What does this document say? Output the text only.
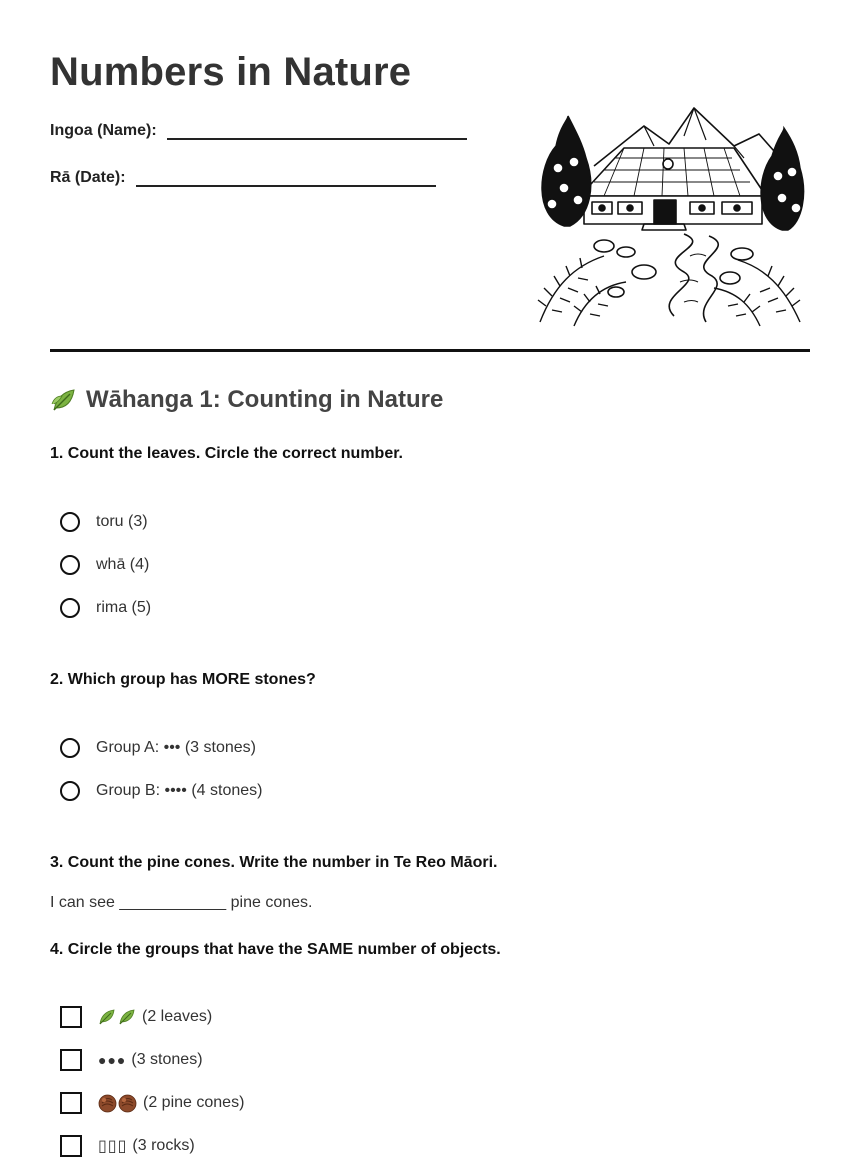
Numbers in Nature
Ingoa (Name):
Rā (Date):
Wāhanga 1: Counting in Nature

1. Count the leaves. Circle the correct number.

toru (3)
whā (4)
rima (5)

2. Which group has MORE stones?

Group A: ••• (3 stones)
Group B: •••• (4 stones)

3. Count the pine cones. Write the number in Te Reo Māori.

I can see ____________ pine cones.

4. Circle the groups that have the SAME number of objects.

(2 leaves)
●●● (3 stones)
(2 pine cones)
▯▯▯ (3 rocks)
